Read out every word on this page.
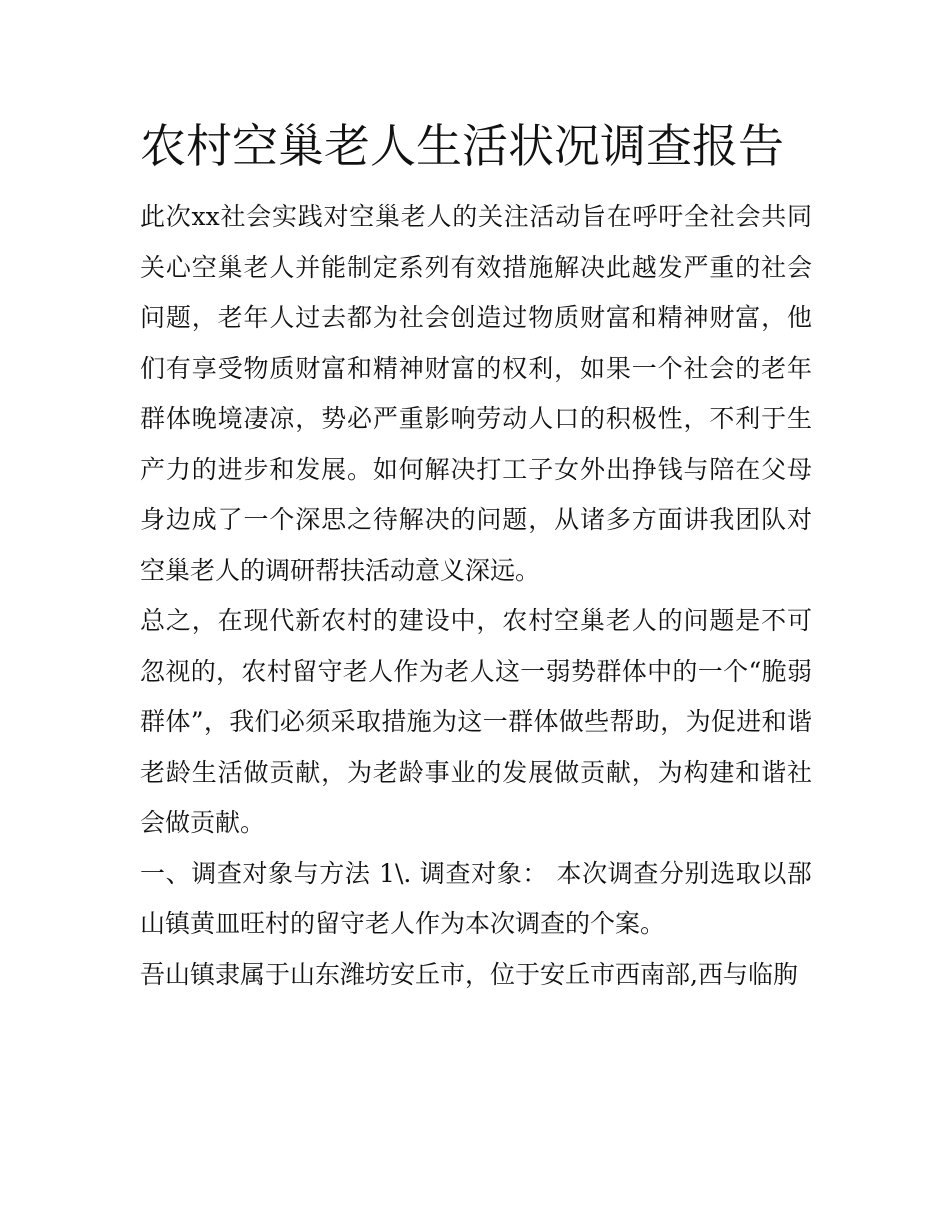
农村空巢老人生活状况调查报告

此次xx社会实践对空巢老人的关注活动旨在呼吁全社会共同关心空巢老人并能制定系列有效措施解决此越发严重的社会问题，老年人过去都为社会创造过物质财富和精神财富，他们有享受物质财富和精神财富的权利，如果一个社会的老年群体晚境凄凉，势必严重影响劳动人口的积极性，不利于生产力的进步和发展。如何解决打工子女外出挣钱与陪在父母身边成了一个深思之待解决的问题，从诸多方面讲我团队对空巢老人的调研帮扶活动意义深远。

总之，在现代新农村的建设中，农村空巢老人的问题是不可忽视的，农村留守老人作为老人这一弱势群体中的一个“脆弱群体”，我们必须采取措施为这一群体做些帮助，为促进和谐老龄生活做贡献，为老龄事业的发展做贡献，为构建和谐社会做贡献。

一、调查对象与方法 1\. 调查对象： 本次调查分别选取以郚山镇黄皿旺村的留守老人作为本次调查的个案。

吾山镇隶属于山东潍坊安丘市，位于安丘市西南部,西与临朐
